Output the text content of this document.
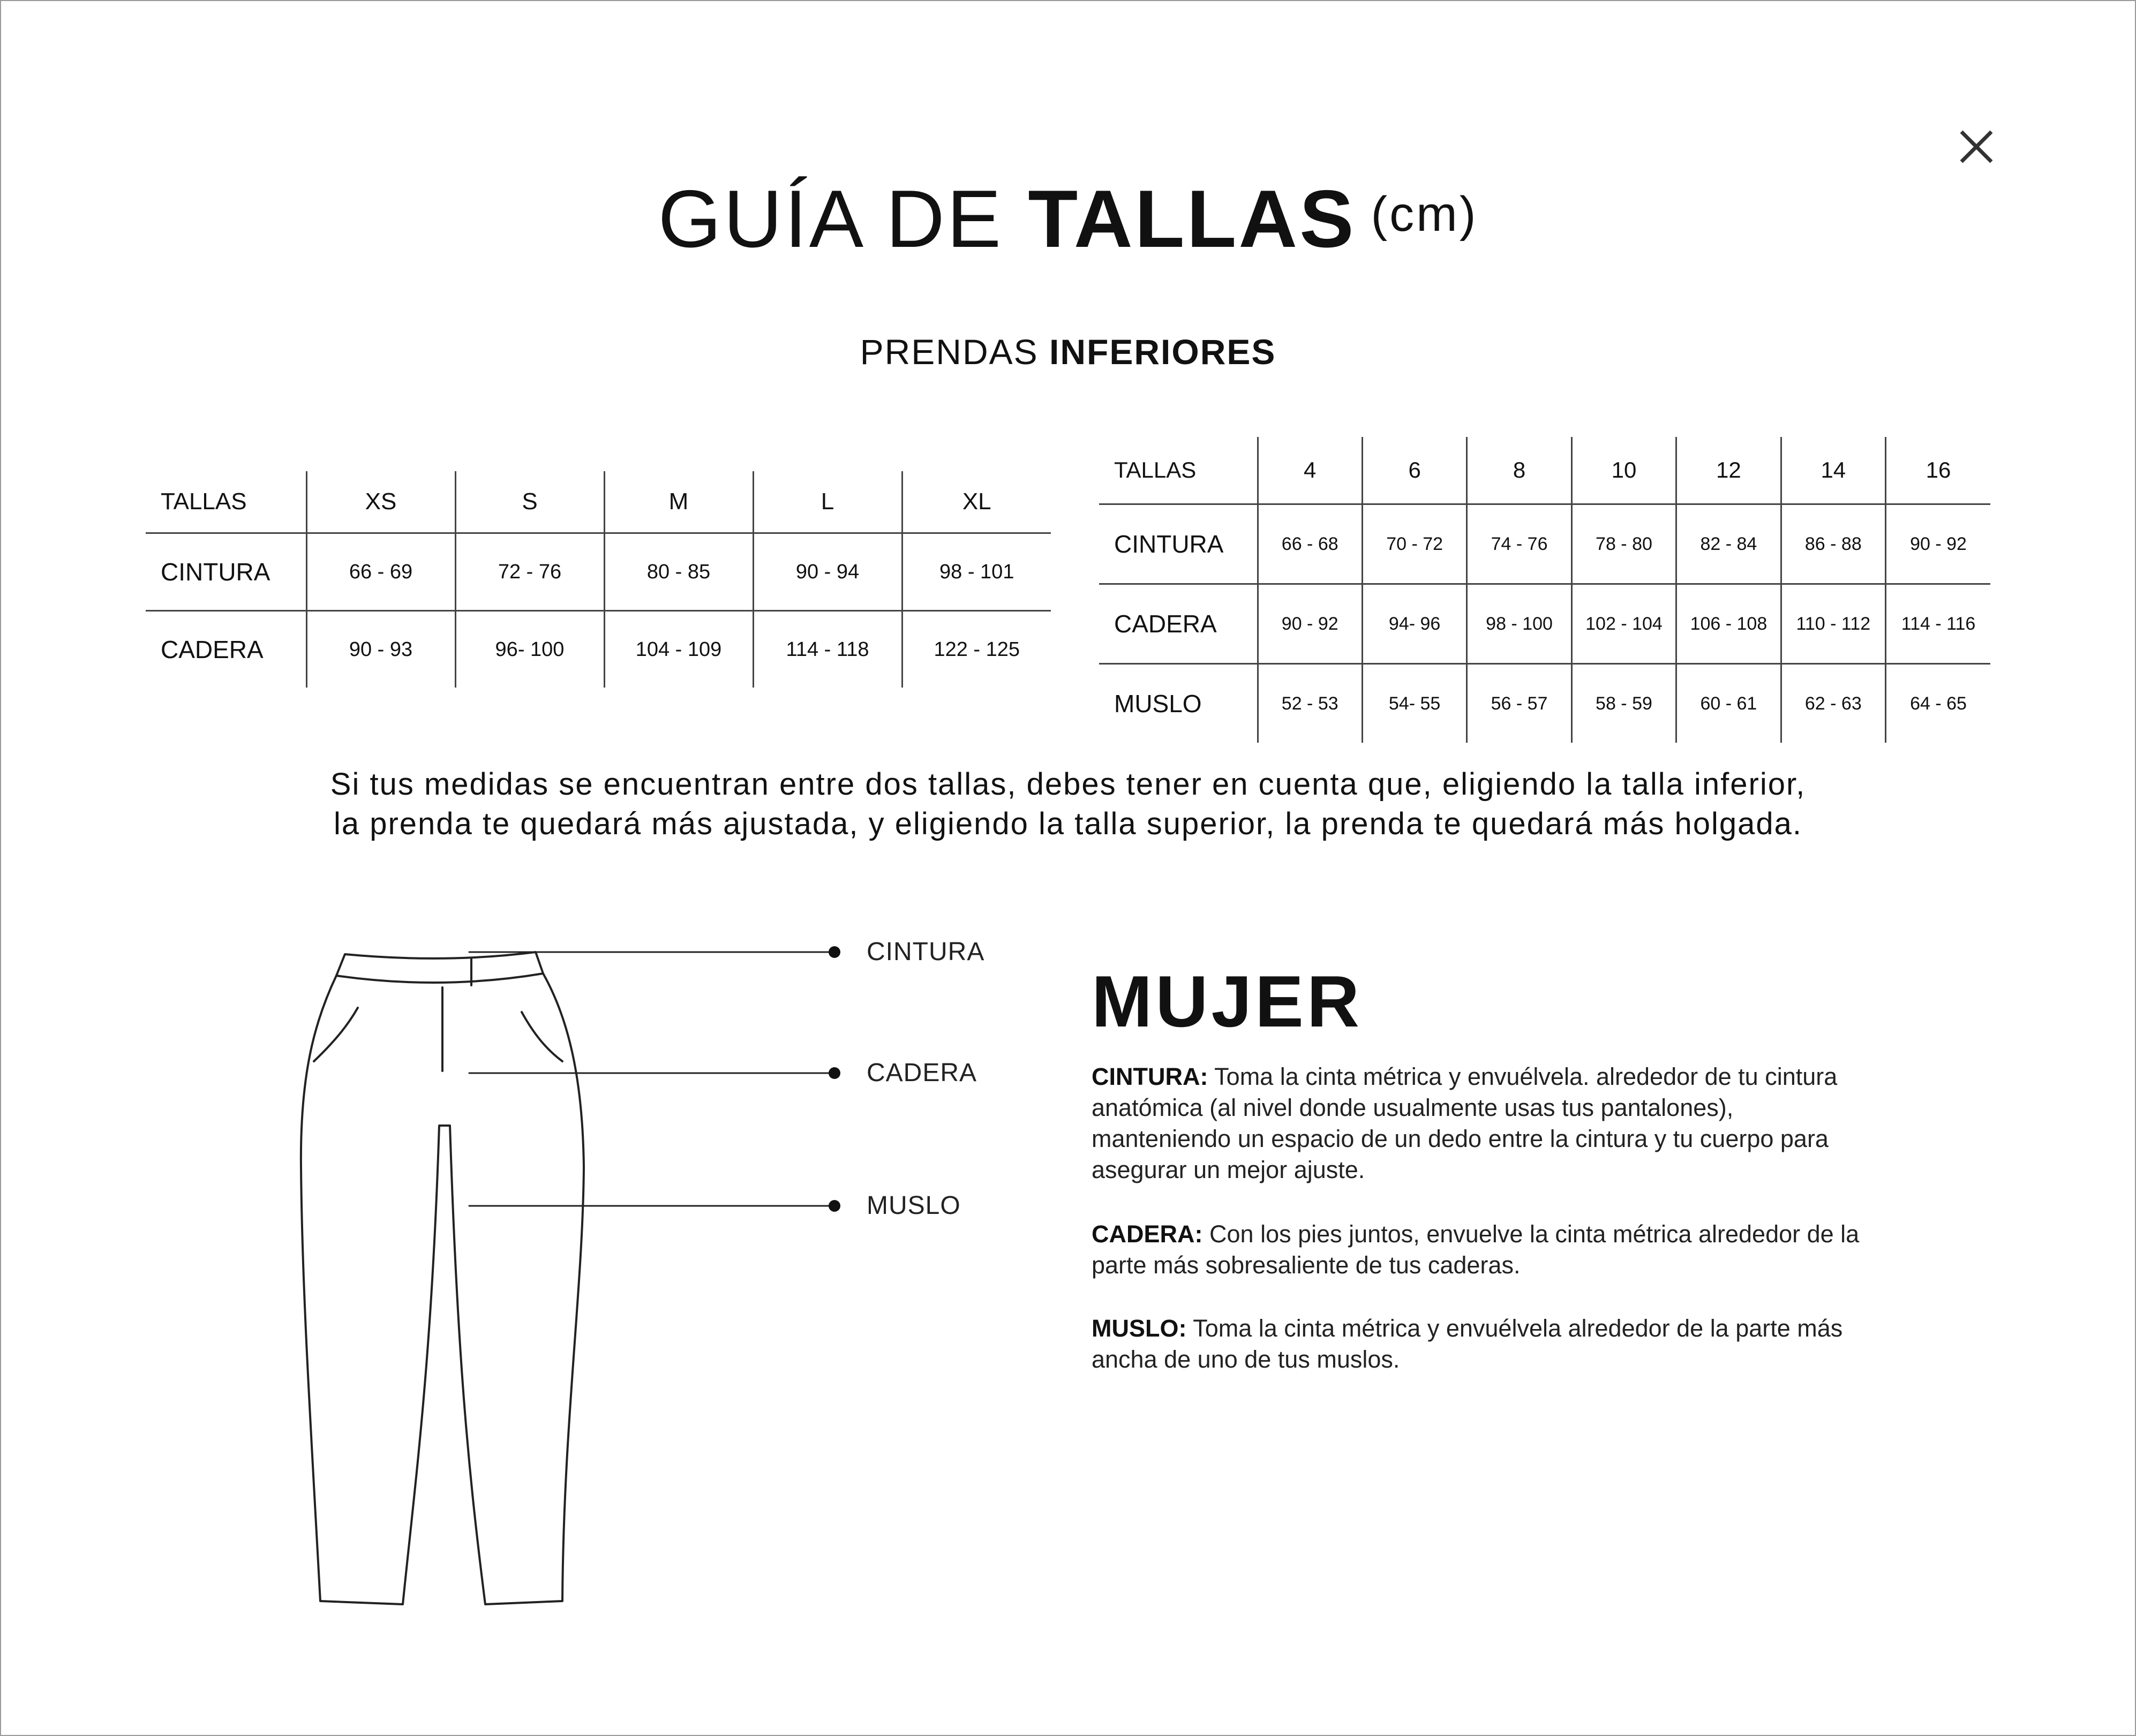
GUÍA DE TALLAS (cm)
PRENDAS INFERIORES
TALLAS	XS	S	M	L	XL
CINTURA	66 - 69	72 - 76	80 - 85	90 - 94	98 - 101
CADERA	90 - 93	96- 100	104 - 109	114 - 118	122 - 125
TALLAS	4	6	8	10	12	14	16
CINTURA	66 - 68	70 - 72	74 - 76	78 - 80	82 - 84	86 - 88	90 - 92
CADERA	90 - 92	94- 96	98 - 100	102 - 104	106 - 108	110 - 112	114 - 116
MUSLO	52 - 53	54- 55	56 - 57	58 - 59	60 - 61	62 - 63	64 - 65
Si tus medidas se encuentran entre dos tallas, debes tener en cuenta que, eligiendo la talla inferior,
la prenda te quedará más ajustada, y eligiendo la talla superior, la prenda te quedará más holgada.
CINTURA
CADERA
MUSLO
MUJER
CINTURA: Toma la cinta métrica y envuélvela. alrededor de tu cintura anatómica (al nivel donde usualmente usas tus pantalones), manteniendo un espacio de un dedo entre la cintura y tu cuerpo para asegurar un mejor ajuste.
CADERA: Con los pies juntos, envuelve la cinta métrica alrededor de la parte más sobresaliente de tus caderas.
MUSLO: Toma la cinta métrica y envuélvela alrededor de la parte más ancha de uno de tus muslos.
